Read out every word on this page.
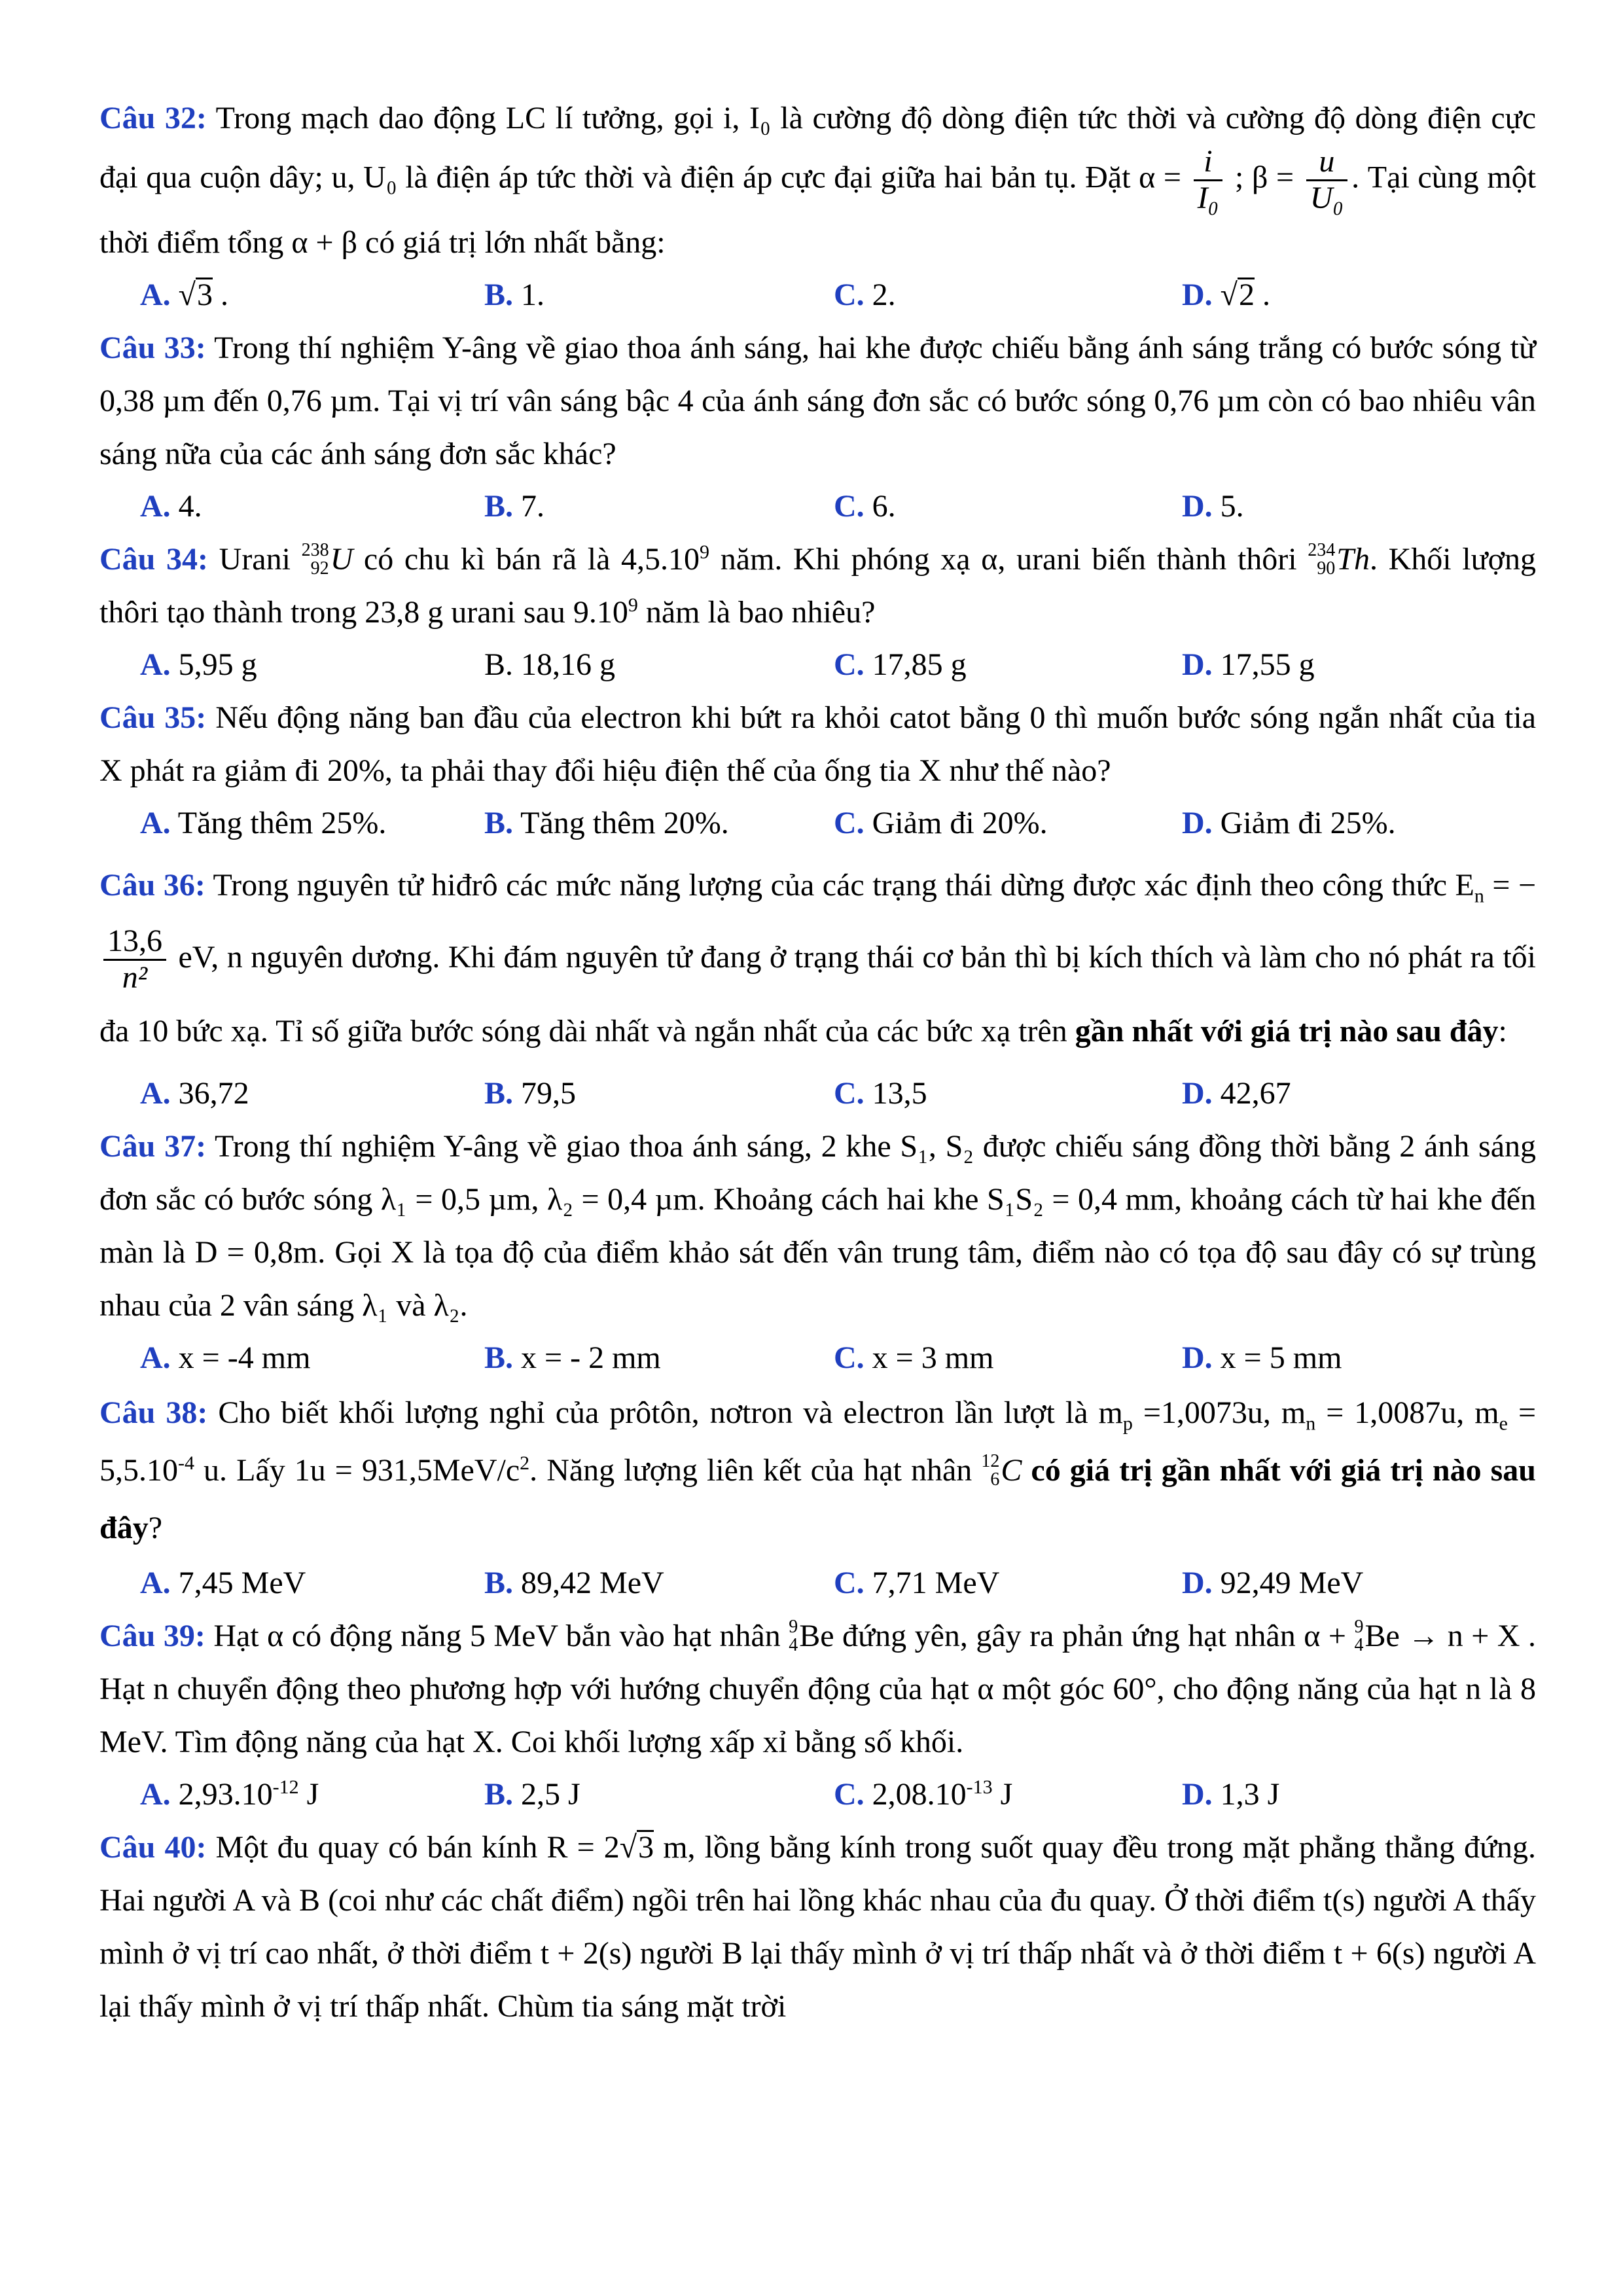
Câu 32: Trong mạch dao động LC lí tưởng, gọi i, I₀ là cường độ dòng điện tức thời và cường độ dòng điện cực đại qua cuộn dây; u, U₀ là điện áp tức thời và điện áp cực đại giữa hai bản tụ. Đặt $\alpha = \frac{i}{\text{I₀}}$ ; $\beta = \frac{u}{\text{U₀}}$ . Tại cùng một thời điểm tổng α + β có giá trị lớn nhất bằng:

A. √3 .	B. 1.	C. 2.	D. √2 .

Câu 33: Trong thí nghiệm Y-âng về giao thoa ánh sáng, hai khe được chiếu bằng ánh sáng trắng có bước sóng từ 0,38 µm đến 0,76 µm. Tại vị trí vân sáng bậc 4 của ánh sáng đơn sắc có bước sóng 0,76 µm còn có bao nhiêu vân sáng nữa của các ánh sáng đơn sắc khác?

A. 4.	B. 7.	C. 6.	D. 5.

Câu 34: Urani 238
92 U có chu kì bán rã là 4,5.10$^9$ năm. Khi phóng xạ α, urani biến thành thôri 234
90 Th. Khối lượng thôri tạo thành trong 23,8 g urani sau 9.10$^9$ năm là bao nhiêu?

A. 5,95 g	B. 18,16 g	C. 17,85 g	D. 17,55 g

Câu 35: Nếu động năng ban đầu của electron khi bứt ra khỏi catot bằng 0 thì muốn bước sóng ngắn nhất của tia X phát ra giảm đi 20%, ta phải thay đổi hiệu điện thế của ống tia X như thế nào?

A. Tăng thêm 25%.	B. Tăng thêm 20%.	C. Giảm đi 20%.	D. Giảm đi 25%.

Câu 36: Trong nguyên tử hiđrô các mức năng lượng của các trạng thái dừng được xác định theo công thức $E_n$ = −
$\frac{13,6}{\text{n²}}$ eV, n nguyên dương. Khi đám nguyên tử đang ở trạng thái cơ bản thì bị kích thích và làm cho nó phát ra tối đa 10 bức xạ. Tỉ số giữa bước sóng dài nhất và ngắn nhất của các bức xạ trên gần nhất với giá trị nào sau đây:

A. 36,72	B. 79,5	C. 13,5	D. 42,67

Câu 37: Trong thí nghiệm Y-âng về giao thoa ánh sáng, 2 khe S₁, S₂ được chiếu sáng đồng thời bằng 2 ánh sáng đơn sắc có bước sóng λ₁ = 0,5 µm, λ₂ = 0,4 µm. Khoảng cách hai khe S₁S₂ = 0,4 mm, khoảng cách từ hai khe đến màn là D = 0,8m. Gọi X là tọa độ của điểm khảo sát đến vân trung tâm, điểm nào có tọa độ sau đây có sự trùng nhau của 2 vân sáng λ₁ và λ₂.

A. x = -4 mm	B. x = - 2 mm	C. x = 3 mm	D. x = 5 mm

Câu 38: Cho biết khối lượng nghỉ của prôtôn, nơtron và electron lần lượt là $m_p =1,0073u$, $m_n = 1,0087u$, $m_e = 5,5.10^{-4}$ u. Lấy $1u = 931,5MeV/c^2$. Năng lượng liên kết của hạt nhân 12
6 C có giá trị gần nhất với giá trị nào sau đây?

A. 7,45 MeV	B. 89,42 MeV	C. 7,71 MeV	D. 92,49 MeV

Câu 39: Hạt α có động năng 5 MeV bắn vào hạt nhân 9
4 Be đứng yên, gây ra phản ứng hạt nhân α + 9
4 Be → n + X . Hạt n chuyển động theo phương hợp với hướng chuyển động của hạt α một góc 60°, cho động năng của hạt n là 8 MeV. Tìm động năng của hạt X. Coi khối lượng xấp xỉ bằng số khối.

A. $2,93.10^{-12}$ J	B. 2,5 J	C. $2,08.10^{-13}$ J	D. 1,3 J

Câu 40: Một đu quay có bán kính R = 2√3 m, lồng bằng kính trong suốt quay đều trong mặt phẳng thẳng đứng. Hai người A và B (coi như các chất điểm) ngồi trên hai lồng khác nhau của đu quay. Ở thời điểm t(s) người A thấy mình ở vị trí cao nhất, ở thời điểm t + 2(s) người B lại thấy mình ở vị trí thấp nhất và ở thời điểm t + 6(s) người A lại thấy mình ở vị trí thấp nhất. Chùm tia sáng mặt trời
